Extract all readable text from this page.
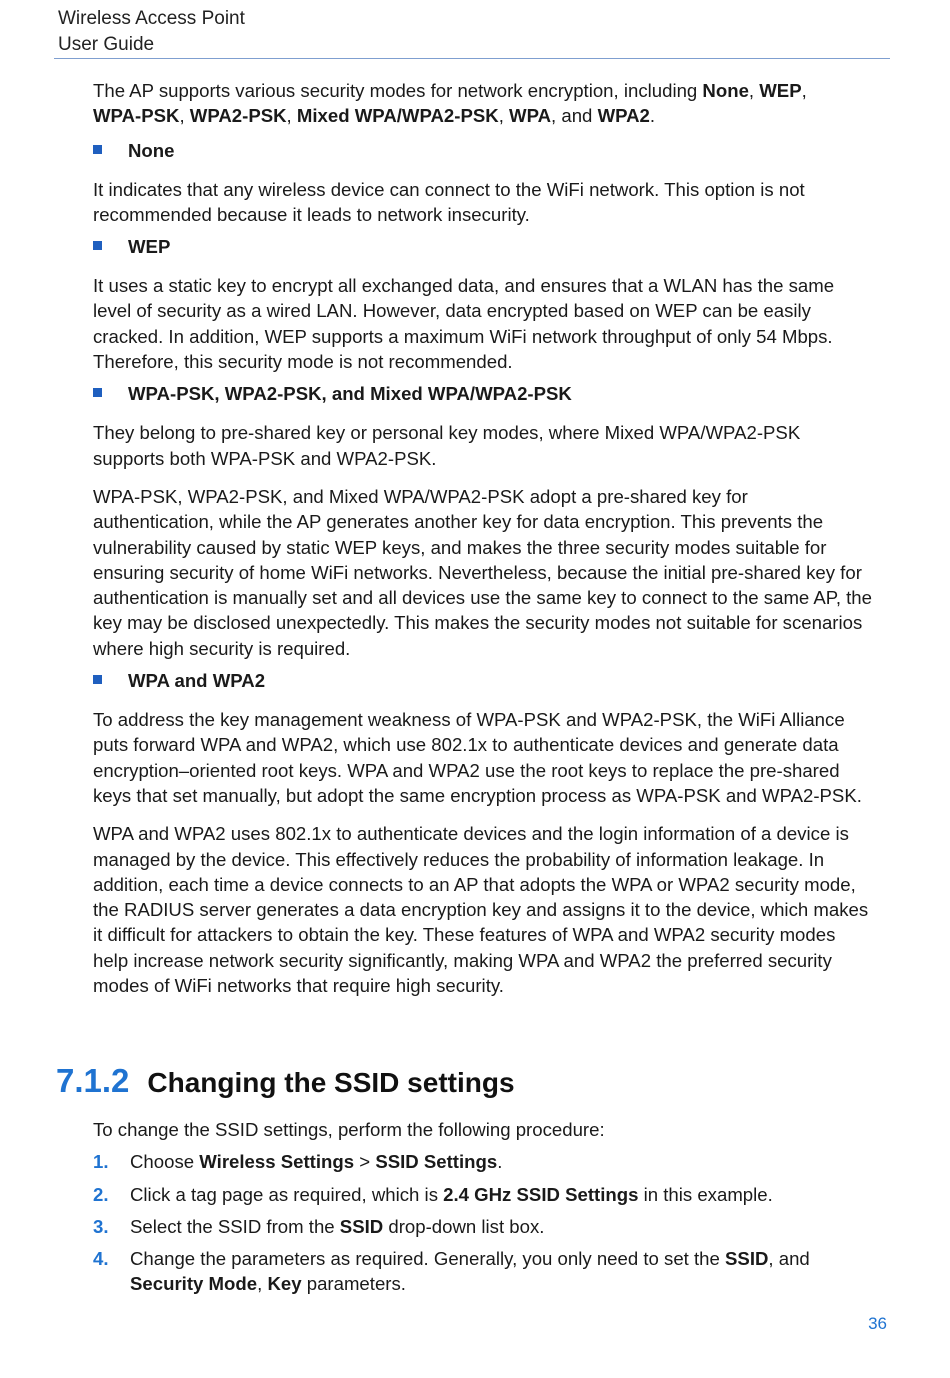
Wireless Access Point
User Guide

The AP supports various security modes for network encryption, including None, WEP,
WPA-PSK, WPA2-PSK, Mixed WPA/WPA2-PSK, WPA, and WPA2.

None

It indicates that any wireless device can connect to the WiFi network. This option is not recommended because it leads to network insecurity.

WEP

It uses a static key to encrypt all exchanged data, and ensures that a WLAN has the same level of security as a wired LAN. However, data encrypted based on WEP can be easily cracked. In addition, WEP supports a maximum WiFi network throughput of only 54 Mbps. Therefore, this security mode is not recommended.

WPA-PSK, WPA2-PSK, and Mixed WPA/WPA2-PSK

They belong to pre-shared key or personal key modes, where Mixed WPA/WPA2-PSK supports both WPA-PSK and WPA2-PSK.

WPA-PSK, WPA2-PSK, and Mixed WPA/WPA2-PSK adopt a pre-shared key for authentication, while the AP generates another key for data encryption. This prevents the vulnerability caused by static WEP keys, and makes the three security modes suitable for ensuring security of home WiFi networks. Nevertheless, because the initial pre-shared key for authentication is manually set and all devices use the same key to connect to the same AP, the key may be disclosed unexpectedly. This makes the security modes not suitable for scenarios where high security is required.

WPA and WPA2

To address the key management weakness of WPA-PSK and WPA2-PSK, the WiFi Alliance puts forward WPA and WPA2, which use 802.1x to authenticate devices and generate data encryption–oriented root keys. WPA and WPA2 use the root keys to replace the pre-shared keys that set manually, but adopt the same encryption process as WPA-PSK and WPA2-PSK.

WPA and WPA2 uses 802.1x to authenticate devices and the login information of a device is managed by the device. This effectively reduces the probability of information leakage. In addition, each time a device connects to an AP that adopts the WPA or WPA2 security mode, the RADIUS server generates a data encryption key and assigns it to the device, which makes it difficult for attackers to obtain the key. These features of WPA and WPA2 security modes help increase network security significantly, making WPA and WPA2 the preferred security modes of WiFi networks that require high security.

7.1.2 Changing the SSID settings

To change the SSID settings, perform the following procedure:

1.	Choose Wireless Settings > SSID Settings.
2.	Click a tag page as required, which is 2.4 GHz SSID Settings in this example.
3.	Select the SSID from the SSID drop-down list box.
4.	Change the parameters as required. Generally, you only need to set the SSID, and
Security Mode, Key parameters.
36
